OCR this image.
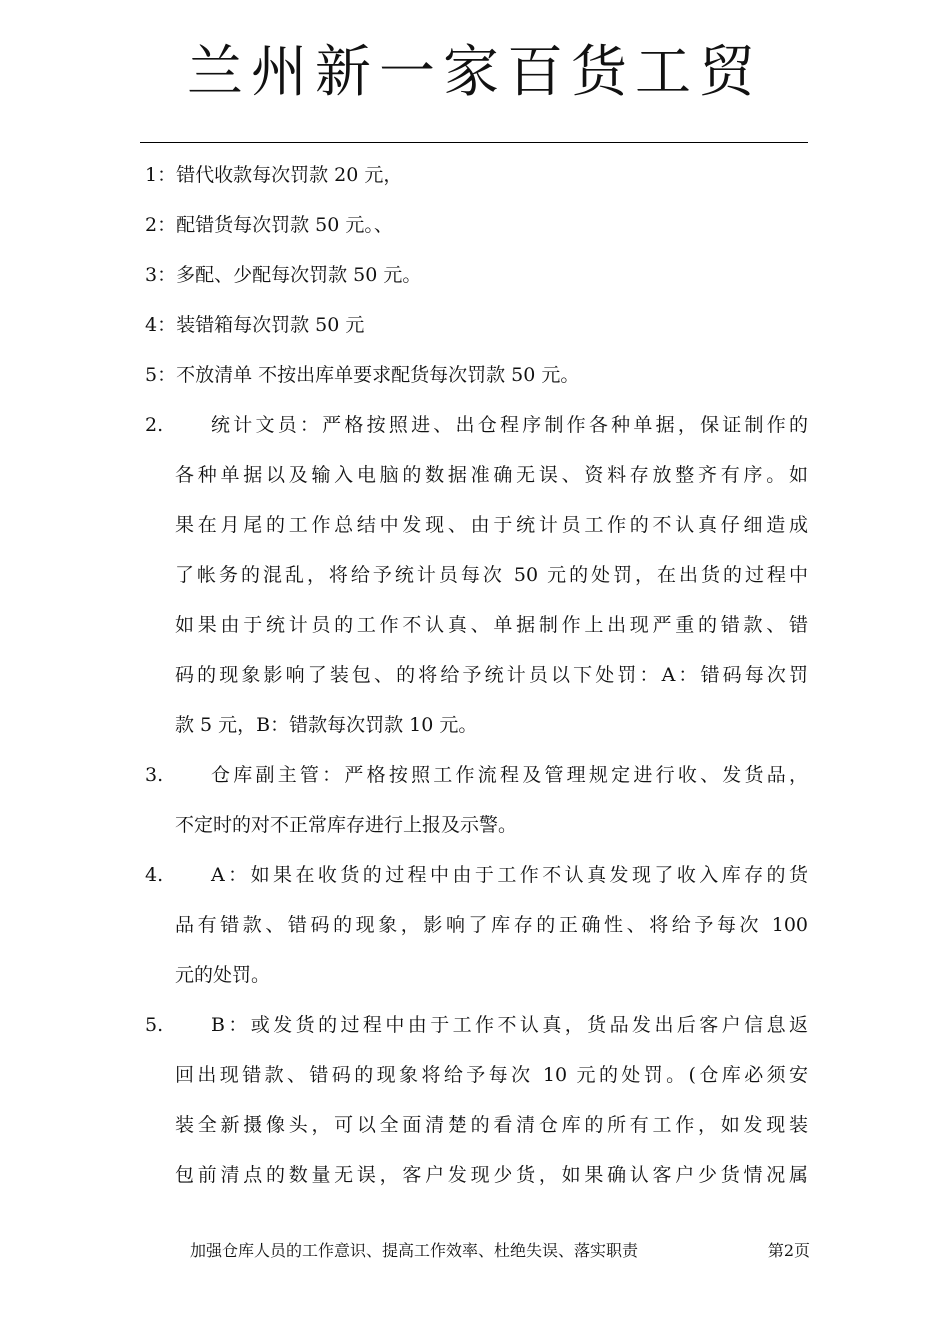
兰州新一家百货工贸
1：错代收款每次罚款 20 元，
2：配错货每次罚款 50 元。、
3：多配、少配每次罚款 50 元。
4：装错箱每次罚款 50 元
5：不放清单 不按出库单要求配货每次罚款 50 元。
2.	统计文员：严格按照进、出仓程序制作各种单据，保证制作的
各种单据以及输入电脑的数据准确无误、资料存放整齐有序。如
果在月尾的工作总结中发现、由于统计员工作的不认真仔细造成
了帐务的混乱，将给予统计员每次 50 元的处罚，在出货的过程中
如果由于统计员的工作不认真、单据制作上出现严重的错款、错
码的现象影响了装包、的将给予统计员以下处罚：A：错码每次罚
款 5 元，B：错款每次罚款 10 元。
3.	仓库副主管：严格按照工作流程及管理规定进行收、发货品，
不定时的对不正常库存进行上报及示警。
4.	A：如果在收货的过程中由于工作不认真发现了收入库存的货
品有错款、错码的现象，影响了库存的正确性、将给予每次 100
元的处罚。
5.	B：或发货的过程中由于工作不认真，货品发出后客户信息返
回出现错款、错码的现象将给予每次 10 元的处罚。(仓库必须安
装全新摄像头，可以全面清楚的看清仓库的所有工作，如发现装
包前清点的数量无误，客户发现少货，如果确认客户少货情况属
加强仓库人员的工作意识、提高工作效率、杜绝失误、落实职责	第2页
